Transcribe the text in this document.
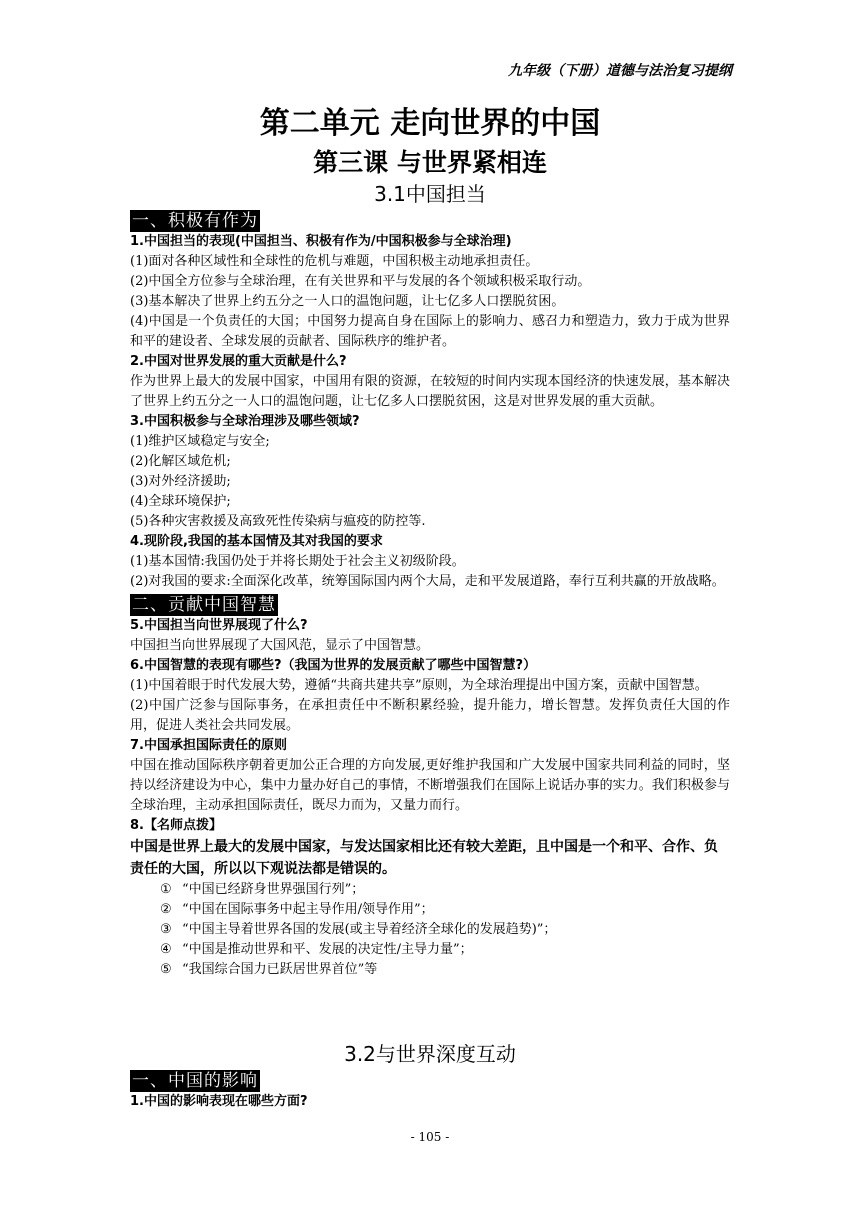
九年级（下册）道德与法治复习提纲
第二单元 走向世界的中国
第三课 与世界紧相连
3.1中国担当
一、积极有作为
1.中国担当的表现(中国担当、积极有作为/中国积极参与全球治理)
(1)面对各种区域性和全球性的危机与难题，中国积极主动地承担责任。
(2)中国全方位参与全球治理，在有关世界和平与发展的各个领域积极采取行动。
(3)基本解决了世界上约五分之一人口的温饱问题，让七亿多人口摆脱贫困。
(4)中国是一个负责任的大国；中国努力提高自身在国际上的影响力、感召力和塑造力，致力于成为世界和平的建设者、全球发展的贡献者、国际秩序的维护者。
2.中国对世界发展的重大贡献是什么?
作为世界上最大的发展中国家，中国用有限的资源，在较短的时间内实现本国经济的快速发展，基本解决了世界上约五分之一人口的温饱问题，让七亿多人口摆脱贫困，这是对世界发展的重大贡献。
3.中国积极参与全球治理涉及哪些领域?
(1)维护区域稳定与安全;
(2)化解区域危机;
(3)对外经济援助;
(4)全球环境保护;
(5)各种灾害救援及高致死性传染病与瘟疫的防控等.
4.现阶段,我国的基本国情及其对我国的要求
(1)基本国情:我国仍处于并将长期处于社会主义初级阶段。
(2)对我国的要求:全面深化改革，统筹国际国内两个大局，走和平发展道路，奉行互利共赢的开放战略。
二、贡献中国智慧
5.中国担当向世界展现了什么?
中国担当向世界展现了大国风范，显示了中国智慧。
6.中国智慧的表现有哪些?（我国为世界的发展贡献了哪些中国智慧?）
(1)中国着眼于时代发展大势，遵循“共商共建共享”原则，为全球治理提出中国方案，贡献中国智慧。
(2)中国广泛参与国际事务，在承担责任中不断积累经验，提升能力，增长智慧。发挥负责任大国的作用，促进人类社会共同发展。
7.中国承担国际责任的原则
中国在推动国际秩序朝着更加公正合理的方向发展,更好维护我国和广大发展中国家共同利益的同时，坚持以经济建设为中心，集中力量办好自己的事情，不断增强我们在国际上说话办事的实力。我们积极参与全球治理，主动承担国际责任，既尽力而为，又量力而行。
8.【名师点拨】
中国是世界上最大的发展中国家，与发达国家相比还有较大差距，且中国是一个和平、合作、负责任的大国，所以以下观说法都是错误的。
① “中国已经跻身世界强国行列”；
② “中国在国际事务中起主导作用/领导作用”；
③ “中国主导着世界各国的发展(或主导着经济全球化的发展趋势)”；
④ “中国是推动世界和平、发展的决定性/主导力量”；
⑤ “我国综合国力已跃居世界首位”等
3.2与世界深度互动
一、中国的影响
1.中国的影响表现在哪些方面?
- 105 -
